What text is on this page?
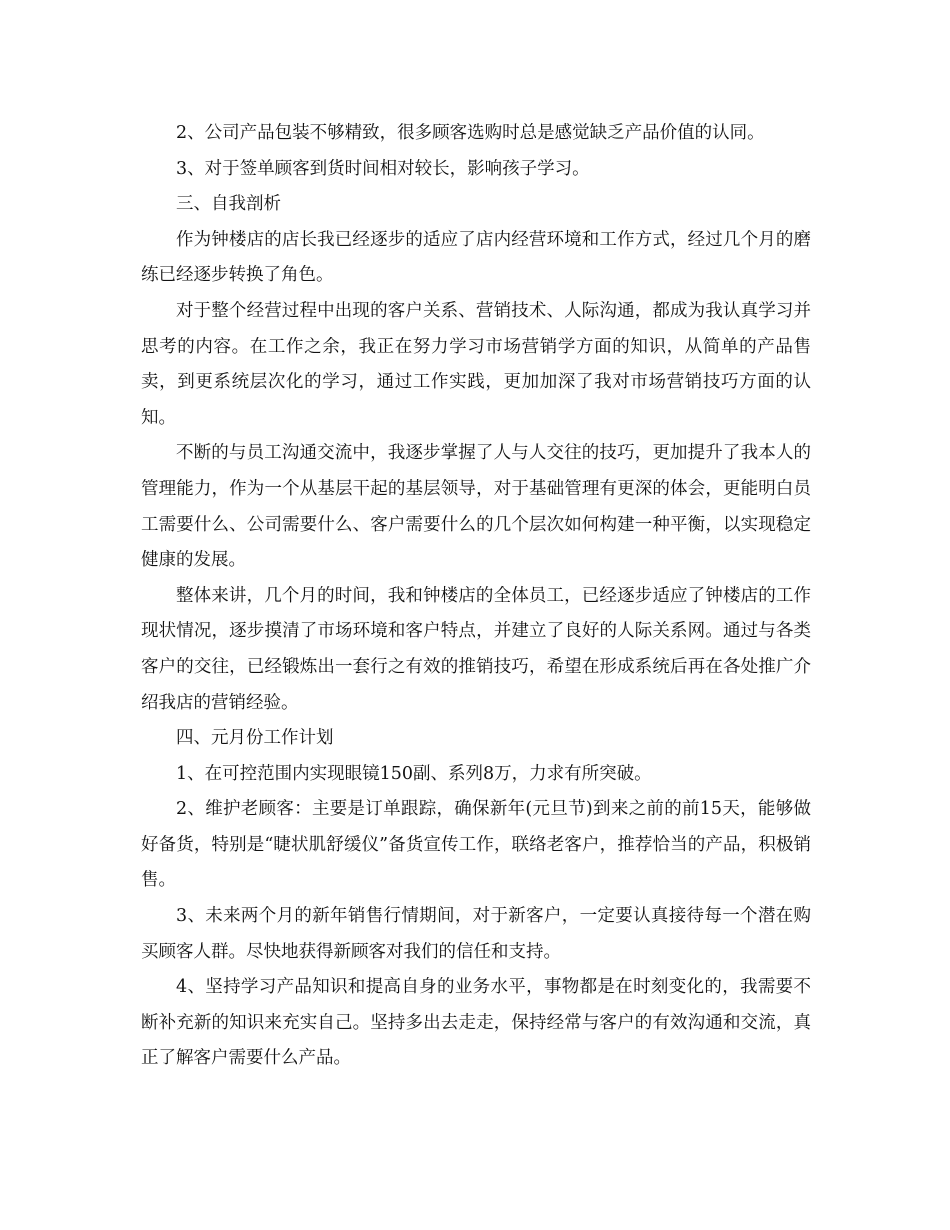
2、公司产品包装不够精致，很多顾客选购时总是感觉缺乏产品价值的认同。

3、对于签单顾客到货时间相对较长，影响孩子学习。

三、自我剖析

作为钟楼店的店长我已经逐步的适应了店内经营环境和工作方式，经过几个月的磨练已经逐步转换了角色。

对于整个经营过程中出现的客户关系、营销技术、人际沟通，都成为我认真学习并思考的内容。在工作之余，我正在努力学习市场营销学方面的知识，从简单的产品售卖，到更系统层次化的学习，通过工作实践，更加加深了我对市场营销技巧方面的认知。

不断的与员工沟通交流中，我逐步掌握了人与人交往的技巧，更加提升了我本人的管理能力，作为一个从基层干起的基层领导，对于基础管理有更深的体会，更能明白员工需要什么、公司需要什么、客户需要什么的几个层次如何构建一种平衡，以实现稳定健康的发展。

整体来讲，几个月的时间，我和钟楼店的全体员工，已经逐步适应了钟楼店的工作现状情况，逐步摸清了市场环境和客户特点，并建立了良好的人际关系网。通过与各类客户的交往，已经锻炼出一套行之有效的推销技巧，希望在形成系统后再在各处推广介绍我店的营销经验。

四、元月份工作计划

1、在可控范围内实现眼镜150副、系列8万，力求有所突破。

2、维护老顾客：主要是订单跟踪，确保新年(元旦节)到来之前的前15天，能够做好备货，特别是“睫状肌舒缓仪”备货宣传工作，联络老客户，推荐恰当的产品，积极销售。

3、未来两个月的新年销售行情期间，对于新客户，一定要认真接待每一个潜在购买顾客人群。尽快地获得新顾客对我们的信任和支持。

4、坚持学习产品知识和提高自身的业务水平，事物都是在时刻变化的，我需要不断补充新的知识来充实自己。坚持多出去走走，保持经常与客户的有效沟通和交流，真正了解客户需要什么产品。
